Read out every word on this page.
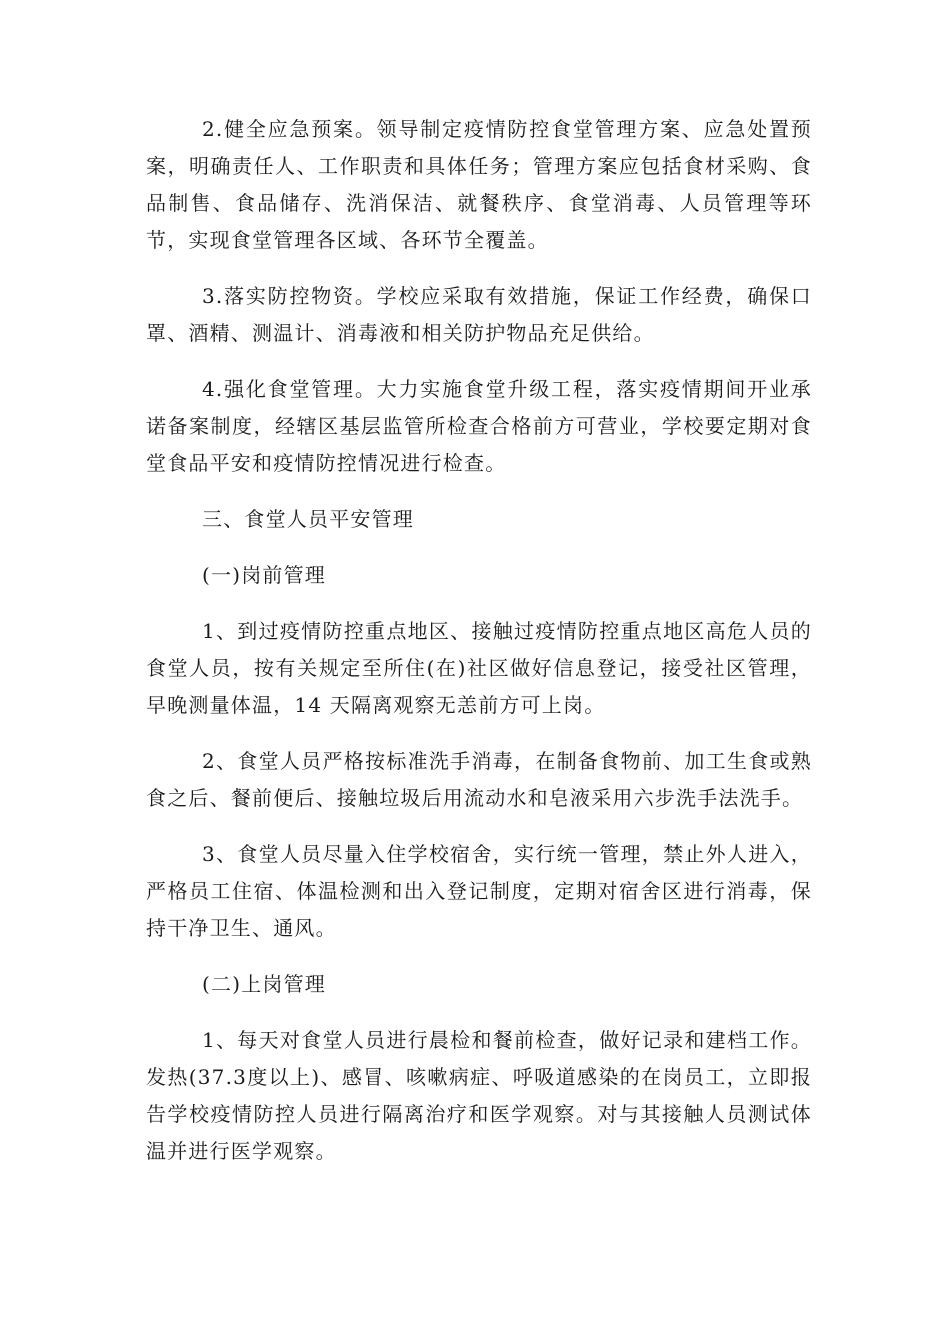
2.健全应急预案。领导制定疫情防控食堂管理方案、应急处置预案，明确责任人、工作职责和具体任务；管理方案应包括食材采购、食品制售、食品储存、洗消保洁、就餐秩序、食堂消毒、人员管理等环节，实现食堂管理各区域、各环节全覆盖。

3.落实防控物资。学校应采取有效措施，保证工作经费，确保口罩、酒精、测温计、消毒液和相关防护物品充足供给。

4.强化食堂管理。大力实施食堂升级工程，落实疫情期间开业承诺备案制度，经辖区基层监管所检查合格前方可营业，学校要定期对食堂食品平安和疫情防控情况进行检查。

三、食堂人员平安管理

(一)岗前管理

1、到过疫情防控重点地区、接触过疫情防控重点地区高危人员的食堂人员，按有关规定至所住(在)社区做好信息登记，接受社区管理，早晚测量体温，14 天隔离观察无恙前方可上岗。

2、食堂人员严格按标准洗手消毒，在制备食物前、加工生食或熟食之后、餐前便后、接触垃圾后用流动水和皂液采用六步洗手法洗手。

3、食堂人员尽量入住学校宿舍，实行统一管理，禁止外人进入，严格员工住宿、体温检测和出入登记制度，定期对宿舍区进行消毒，保持干净卫生、通风。

(二)上岗管理

1、每天对食堂人员进行晨检和餐前检查，做好记录和建档工作。发热(37.3度以上)、感冒、咳嗽病症、呼吸道感染的在岗员工，立即报告学校疫情防控人员进行隔离治疗和医学观察。对与其接触人员测试体温并进行医学观察。
